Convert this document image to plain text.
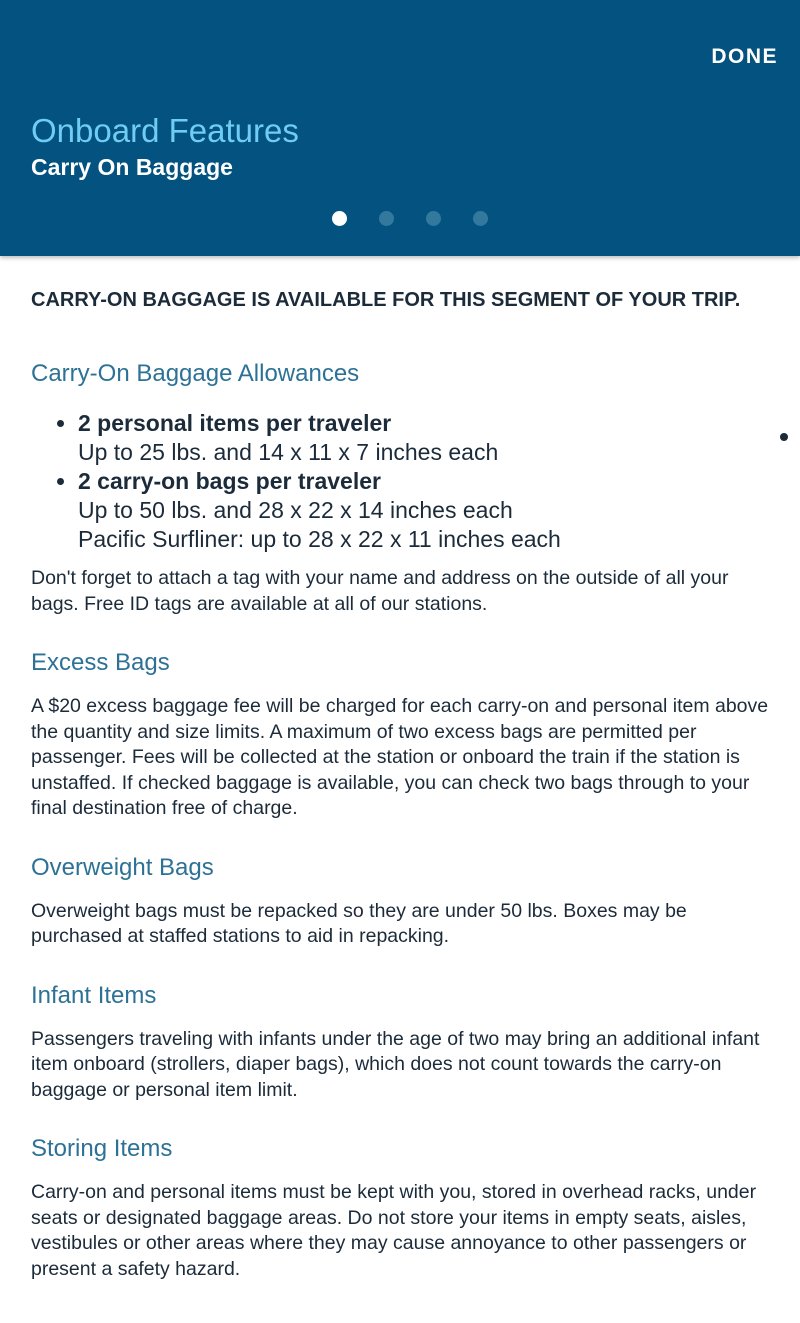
DONE
Onboard Features
Carry On Baggage

CARRY-ON BAGGAGE IS AVAILABLE FOR THIS SEGMENT OF YOUR TRIP.

Carry-On Baggage Allowances
• 2 personal items per traveler
Up to 25 lbs. and 14 x 11 x 7 inches each
• 2 carry-on bags per traveler
Up to 50 lbs. and 28 x 22 x 14 inches each
Pacific Surfliner: up to 28 x 22 x 11 inches each

Don't forget to attach a tag with your name and address on the outside of all your bags. Free ID tags are available at all of our stations.

Excess Bags

A $20 excess baggage fee will be charged for each carry-on and personal item above the quantity and size limits. A maximum of two excess bags are permitted per passenger. Fees will be collected at the station or onboard the train if the station is unstaffed. If checked baggage is available, you can check two bags through to your final destination free of charge.

Overweight Bags

Overweight bags must be repacked so they are under 50 lbs. Boxes may be purchased at staffed stations to aid in repacking.

Infant Items

Passengers traveling with infants under the age of two may bring an additional infant item onboard (strollers, diaper bags), which does not count towards the carry-on baggage or personal item limit.

Storing Items

Carry-on and personal items must be kept with you, stored in overhead racks, under seats or designated baggage areas. Do not store your items in empty seats, aisles, vestibules or other areas where they may cause annoyance to other passengers or present a safety hazard.
